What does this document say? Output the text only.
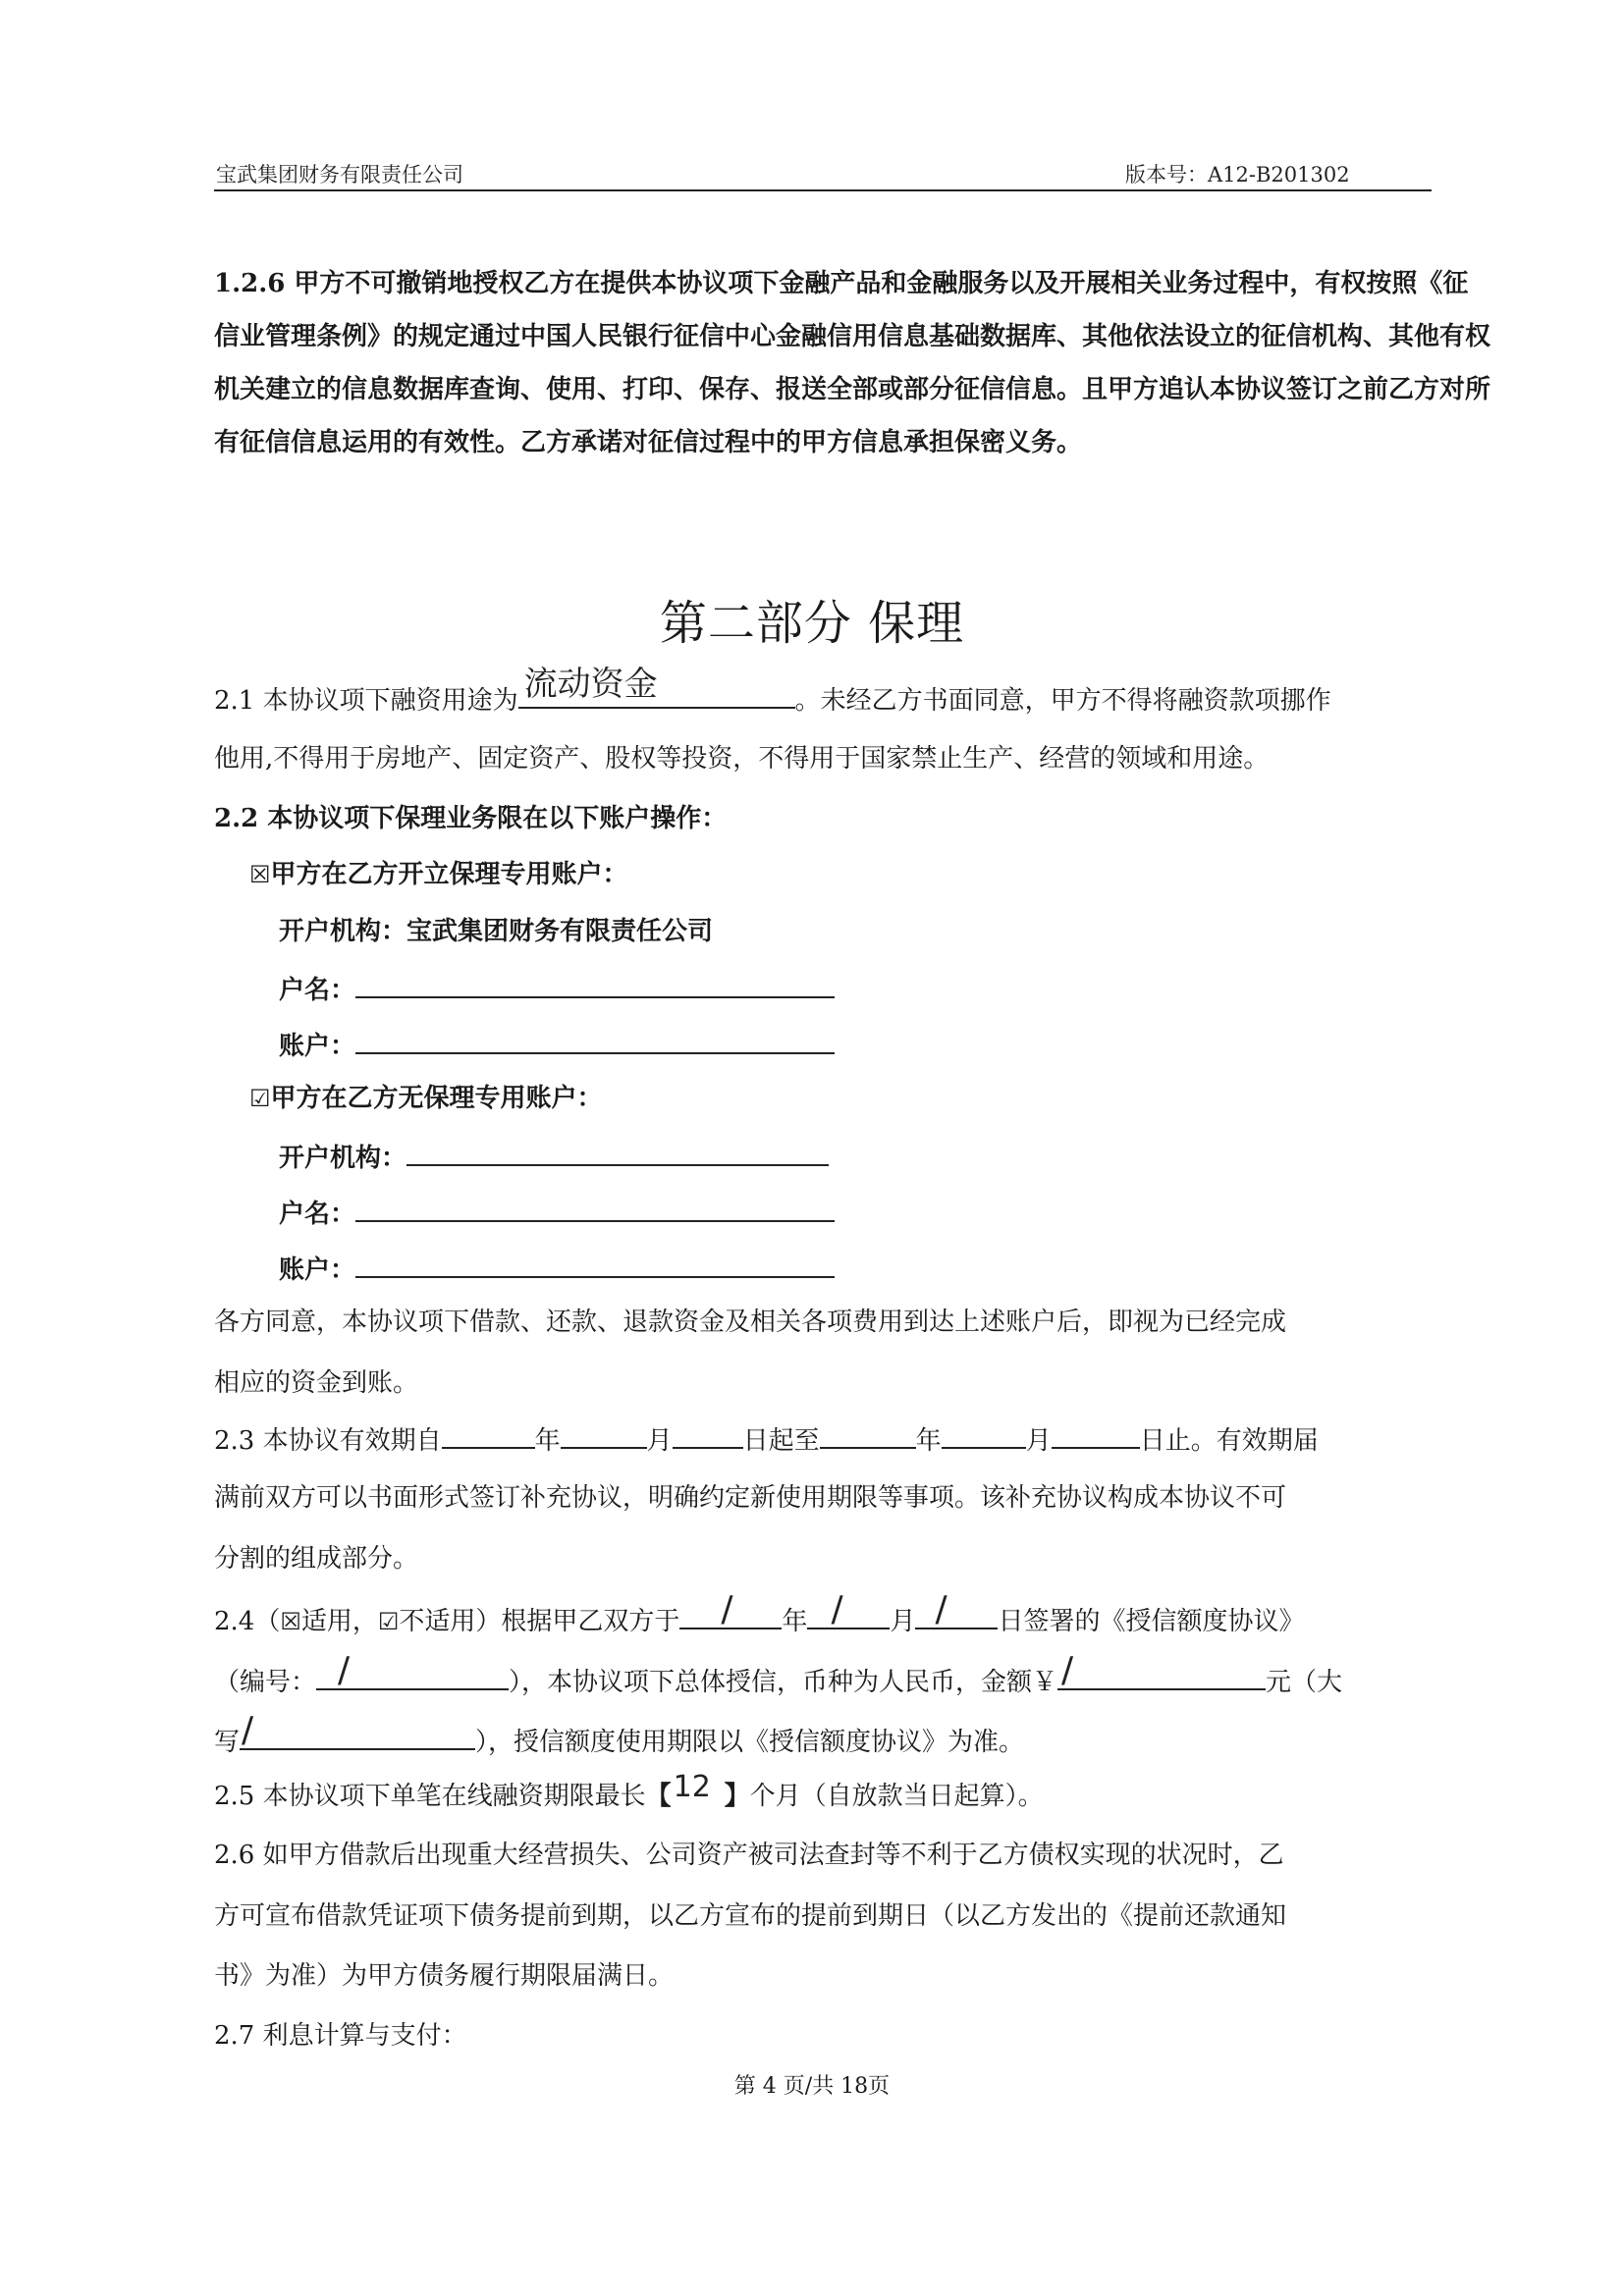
宝武集团财务有限责任公司	版本号：A12-B201302

1.2.6 甲方不可撤销地授权乙方在提供本协议项下金融产品和金融服务以及开展相关业务过程中，有权按照《征信业管理条例》的规定通过中国人民银行征信中心金融信用信息基础数据库、其他依法设立的征信机构、其他有权机关建立的信息数据库查询、使用、打印、保存、报送全部或部分征信信息。且甲方追认本协议签订之前乙方对所有征信信息运用的有效性。乙方承诺对征信过程中的甲方信息承担保密义务。

第二部分 保理
2.1 本协议项下融资用途为 流动资金	。未经乙方书面同意，甲方不得将融资款项挪作
他用,不得用于房地产、固定资产、股权等投资，不得用于国家禁止生产、经营的领域和用途。
2.2 本协议项下保理业务限在以下账户操作：
☒甲方在乙方开立保理专用账户：
开户机构：宝武集团财务有限责任公司
户名：
账户：
☑甲方在乙方无保理专用账户：
开户机构：
户名：
账户：
各方同意，本协议项下借款、还款、退款资金及相关各项费用到达上述账户后，即视为已经完成
相应的资金到账。
2.3 本协议有效期自	年	月	日起至	年	月	日止。有效期届
满前双方可以书面形式签订补充协议，明确约定新使用期限等事项。该补充协议构成本协议不可
分割的组成部分。
2.4（☒适用，☑不适用）根据甲乙双方于 / 年 / 月 / 日签署的《授信额度协议》
（编号： /	），本协议项下总体授信，币种为人民币，金额￥ /	元（大
写 /	），授信额度使用期限以《授信额度协议》为准。
2.5 本协议项下单笔在线融资期限最长【 12 】个月（自放款当日起算）。
2.6 如甲方借款后出现重大经营损失、公司资产被司法查封等不利于乙方债权实现的状况时，乙
方可宣布借款凭证项下债务提前到期，以乙方宣布的提前到期日（以乙方发出的《提前还款通知
书》为准）为甲方债务履行期限届满日。
2.7 利息计算与支付：
第 4 页/共 18页
